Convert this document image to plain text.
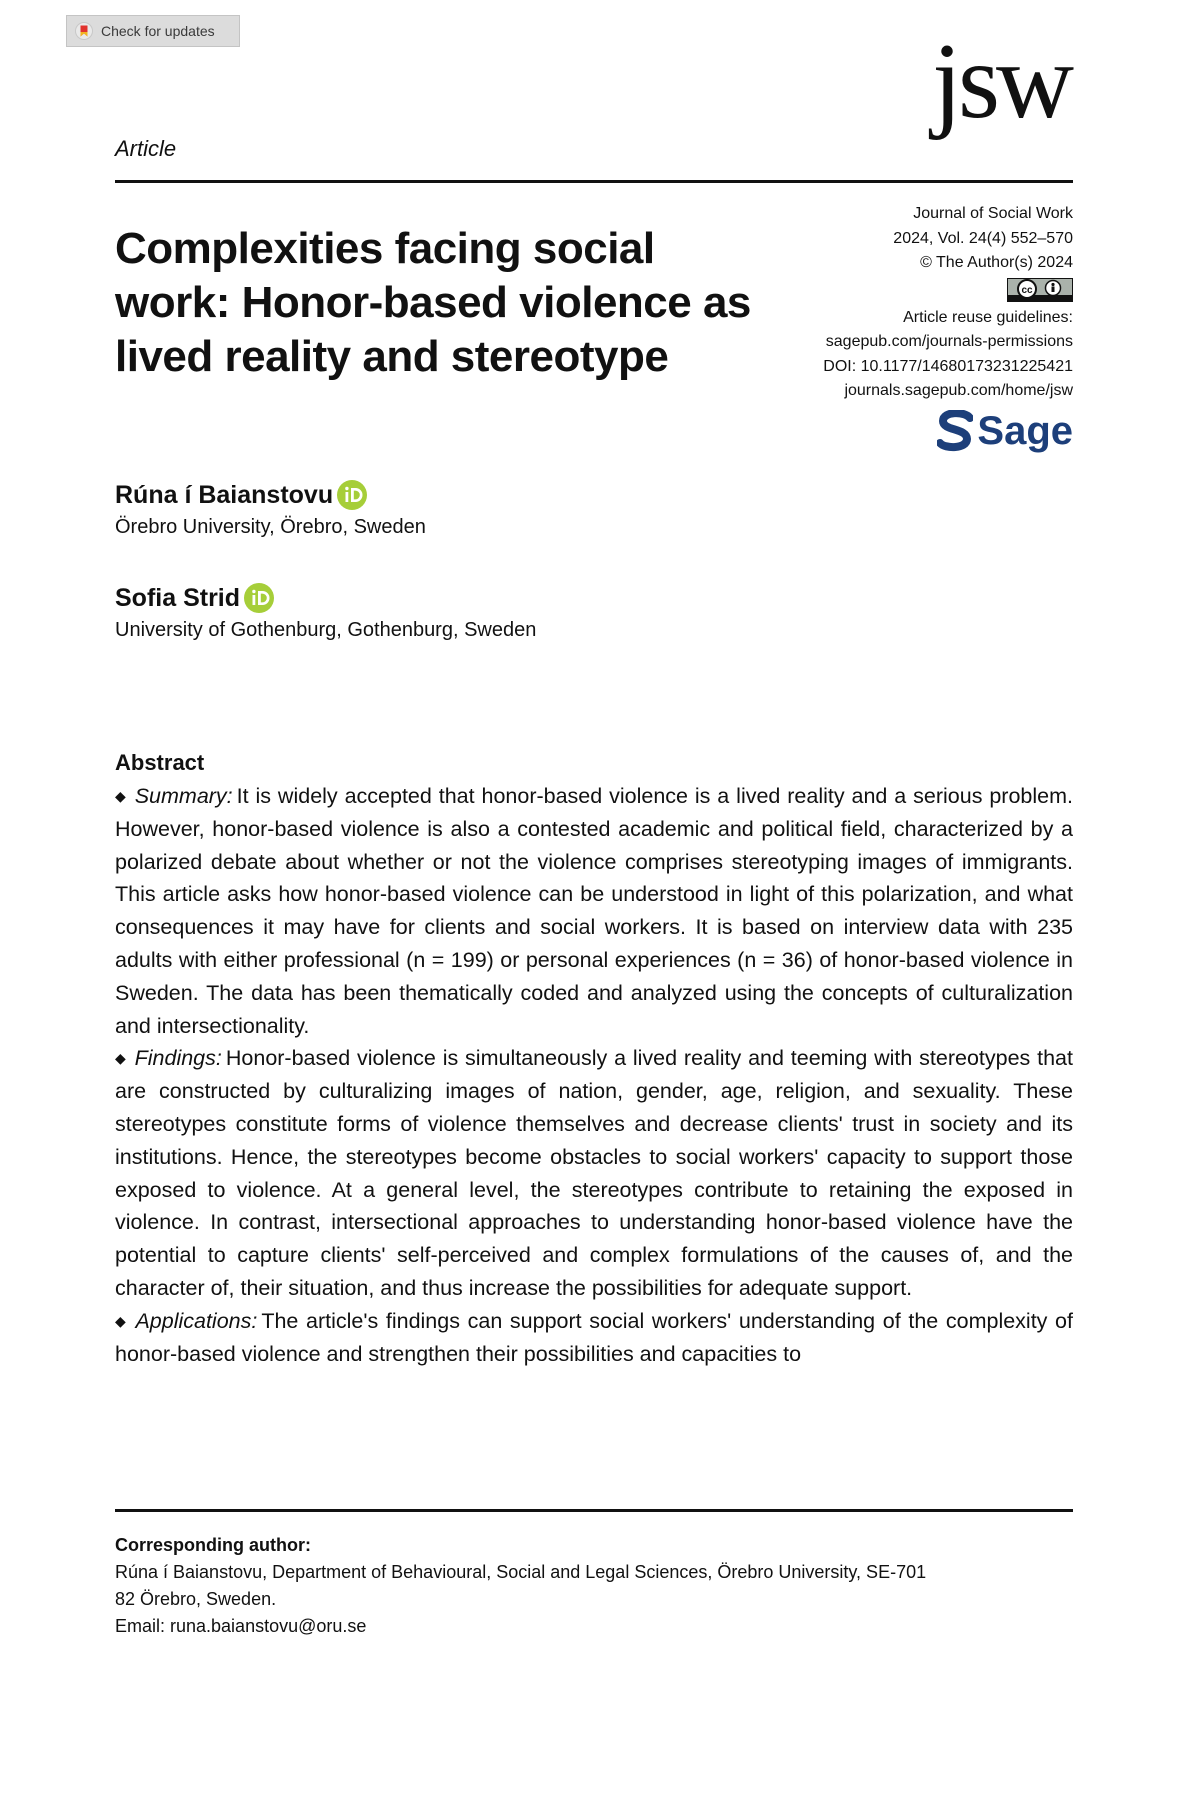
Check for updates	jsw
Article
Complexities facing social work: Honor-based violence as lived reality and stereotype
Journal of Social Work
2024, Vol. 24(4) 552–570
© The Author(s) 2024
cc
Article reuse guidelines:
sagepub.com/journals-permissions
DOI: 10.1177/14680173231225421
journals.sagepub.com/home/jsw
Sage
Rúna í Baianstovu
Örebro University, Örebro, Sweden
Sofia Strid
University of Gothenburg, Gothenburg, Sweden
Abstract

◆ Summary: It is widely accepted that honor-based violence is a lived reality and a serious problem. However, honor-based violence is also a contested academic and political field, characterized by a polarized debate about whether or not the violence comprises stereotyping images of immigrants. This article asks how honor-based violence can be understood in light of this polarization, and what consequences it may have for clients and social workers. It is based on interview data with 235 adults with either professional (n = 199) or personal experiences (n = 36) of honor-based violence in Sweden. The data has been thematically coded and analyzed using the concepts of culturalization and intersectionality.

◆ Findings: Honor-based violence is simultaneously a lived reality and teeming with stereotypes that are constructed by culturalizing images of nation, gender, age, religion, and sexuality. These stereotypes constitute forms of violence themselves and decrease clients' trust in society and its institutions. Hence, the stereotypes become obstacles to social workers' capacity to support those exposed to violence. At a general level, the stereotypes contribute to retaining the exposed in violence. In contrast, intersectional approaches to understanding honor-based violence have the potential to capture clients' self-perceived and complex formulations of the causes of, and the character of, their situation, and thus increase the possibilities for adequate support.

◆ Applications: The article's findings can support social workers' understanding of the complexity of honor-based violence and strengthen their possibilities and capacities to

Corresponding author:
Rúna í Baianstovu, Department of Behavioural, Social and Legal Sciences, Örebro University, SE-701
82 Örebro, Sweden.
Email: runa.baianstovu@oru.se
